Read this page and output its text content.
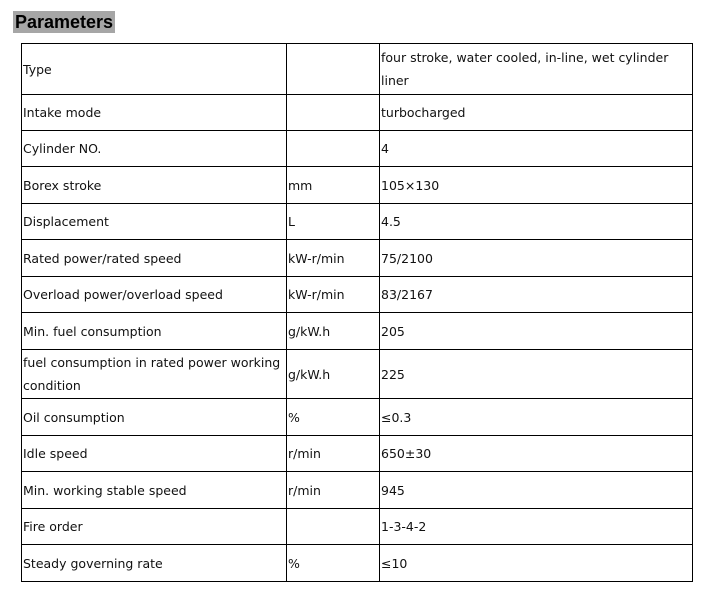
Parameters
Type		four stroke, water cooled, in-line, wet cylinder liner
Intake mode		turbocharged
Cylinder NO.		4
Borex stroke	mm	105×130
Displacement	L	4.5
Rated power/rated speed	kW-r/min	75/2100
Overload power/overload speed	kW-r/min	83/2167
Min. fuel consumption	g/kW.h	205
fuel consumption in rated power working condition	g/kW.h	225
Oil consumption	%	≤0.3
Idle speed	r/min	650±30
Min. working stable speed	r/min	945
Fire order		1-3-4-2
Steady governing rate	%	≤10
